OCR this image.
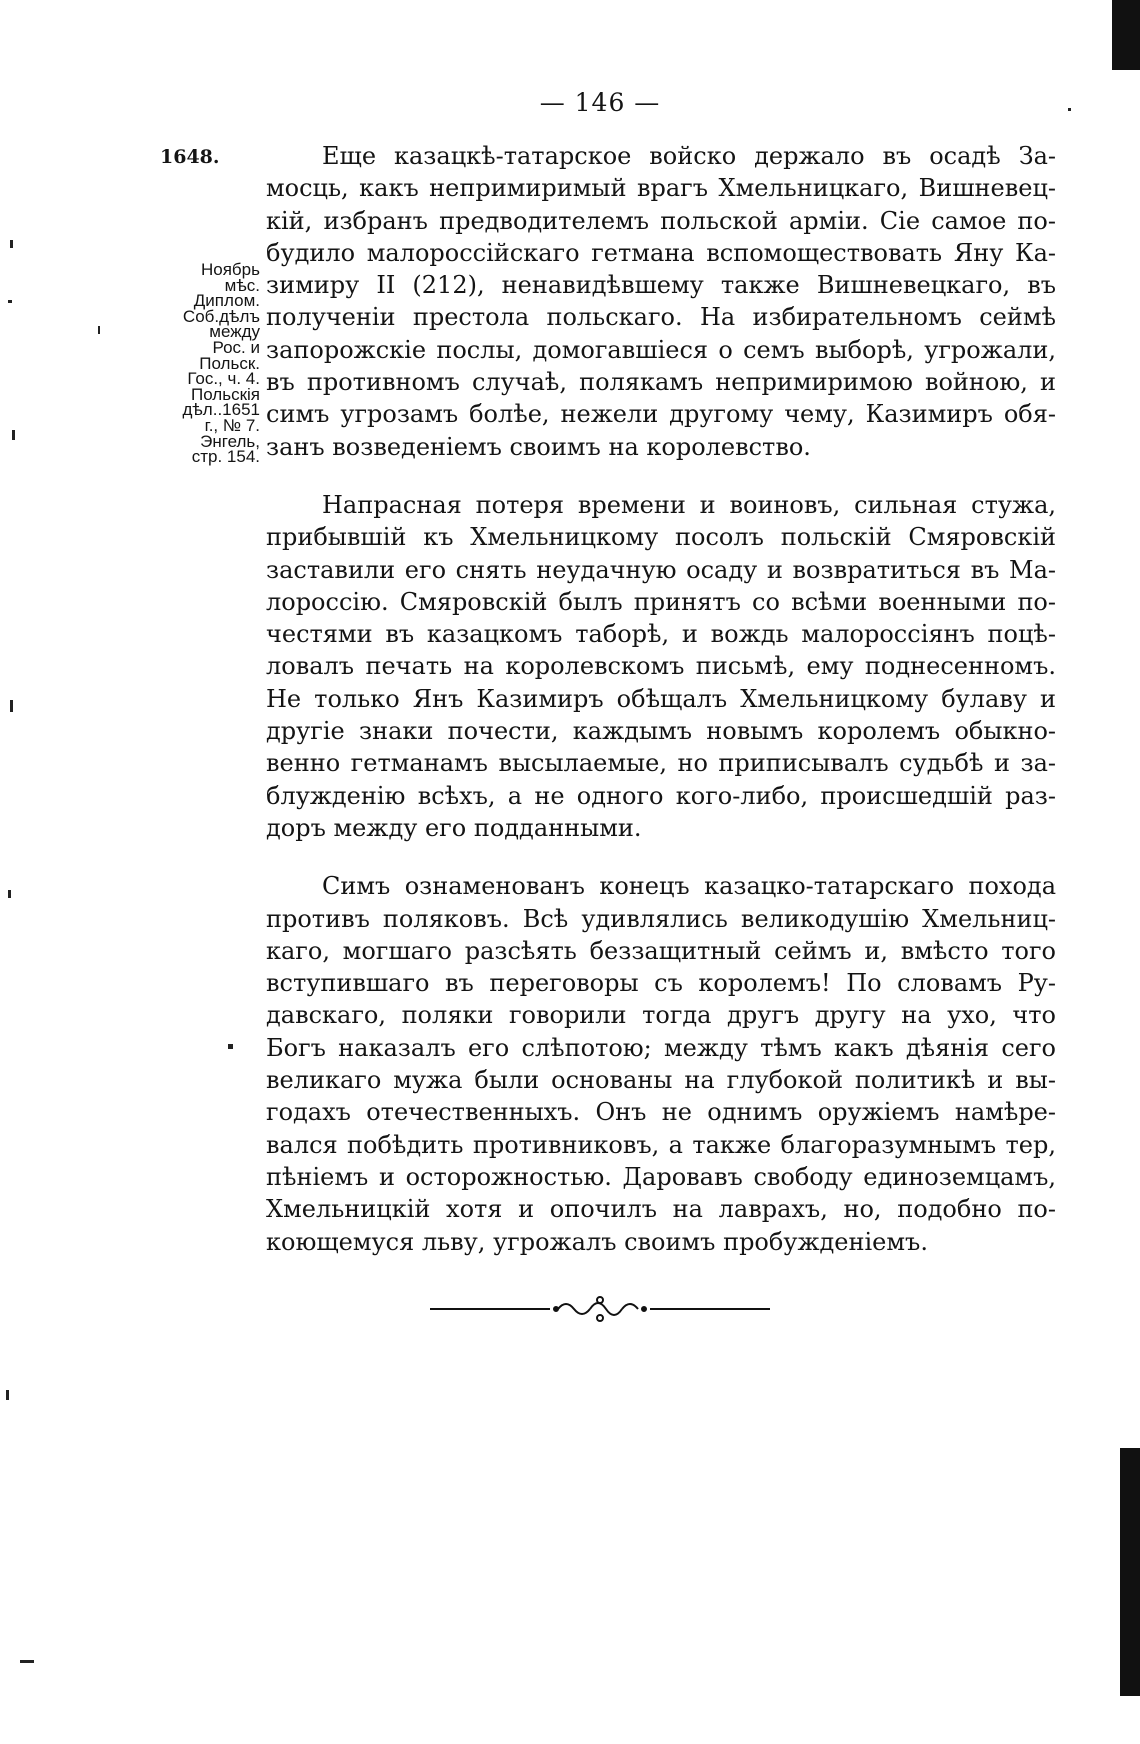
— 146 —
1648.
Ноябрь
мѣс.
Диплом.
Соб.дѣлъ
между
Рос. и
Польск.
Гос., ч. 4.
Польскія
дѣл..1651
г., № 7.
Энгель,
стр. 154.
Еще казацкѣ-татарское войско держало въ осадѣ За-
мосць, какъ непримиримый врагъ Хмельницкаго, Вишневец-
кій, избранъ предводителемъ польской арміи. Сіе самое по-
будило малороссійскаго гетмана вспомоществовать Яну Ка-
зимиру II (212), ненавидѣвшему также Вишневецкаго, въ
полученіи престола польскаго. На избирательномъ сеймѣ
запорожскіе послы, домогавшіеся о семъ выборѣ, угрожали,
въ противномъ случаѣ, полякамъ непримиримою войною, и
симъ угрозамъ болѣе, нежели другому чему, Казимиръ обя-
занъ возведеніемъ своимъ на королевство.
Напрасная потеря времени и воиновъ, сильная стужа,
прибывшій къ Хмельницкому посолъ польскій Смяровскій
заставили его снять неудачную осаду и возвратиться въ Ма-
лороссію. Смяровскій былъ принятъ со всѣми военными по-
честями въ казацкомъ таборѣ, и вождь малороссіянъ поцѣ-
ловалъ печать на королевскомъ письмѣ, ему поднесенномъ.
Не только Янъ Казимиръ обѣщалъ Хмельницкому булаву и
другіе знаки почести, каждымъ новымъ королемъ обыкно-
венно гетманамъ высылаемые, но приписывалъ судьбѣ и за-
блужденію всѣхъ, а не одного кого-либо, происшедшій раз-
доръ между его подданными.
Симъ ознаменованъ конецъ казацко-татарскаго похода
противъ поляковъ. Всѣ удивлялись великодушію Хмельниц-
каго, могшаго разсѣять беззащитный сеймъ и, вмѣсто того
вступившаго въ переговоры съ королемъ! По словамъ Ру-
давскаго, поляки говорили тогда другъ другу на ухо, что
Богъ наказалъ его слѣпотою; между тѣмъ какъ дѣянія сего
великаго мужа были основаны на глубокой политикѣ и вы-
годахъ отечественныхъ. Онъ не однимъ оружіемъ намѣре-
вался побѣдить противниковъ, а также благоразумнымъ тер,
пѣніемъ и осторожностью. Даровавъ свободу единоземцамъ,
Хмельницкій хотя и опочилъ на лаврахъ, но, подобно по-
коющемуся льву, угрожалъ своимъ пробужденіемъ.
